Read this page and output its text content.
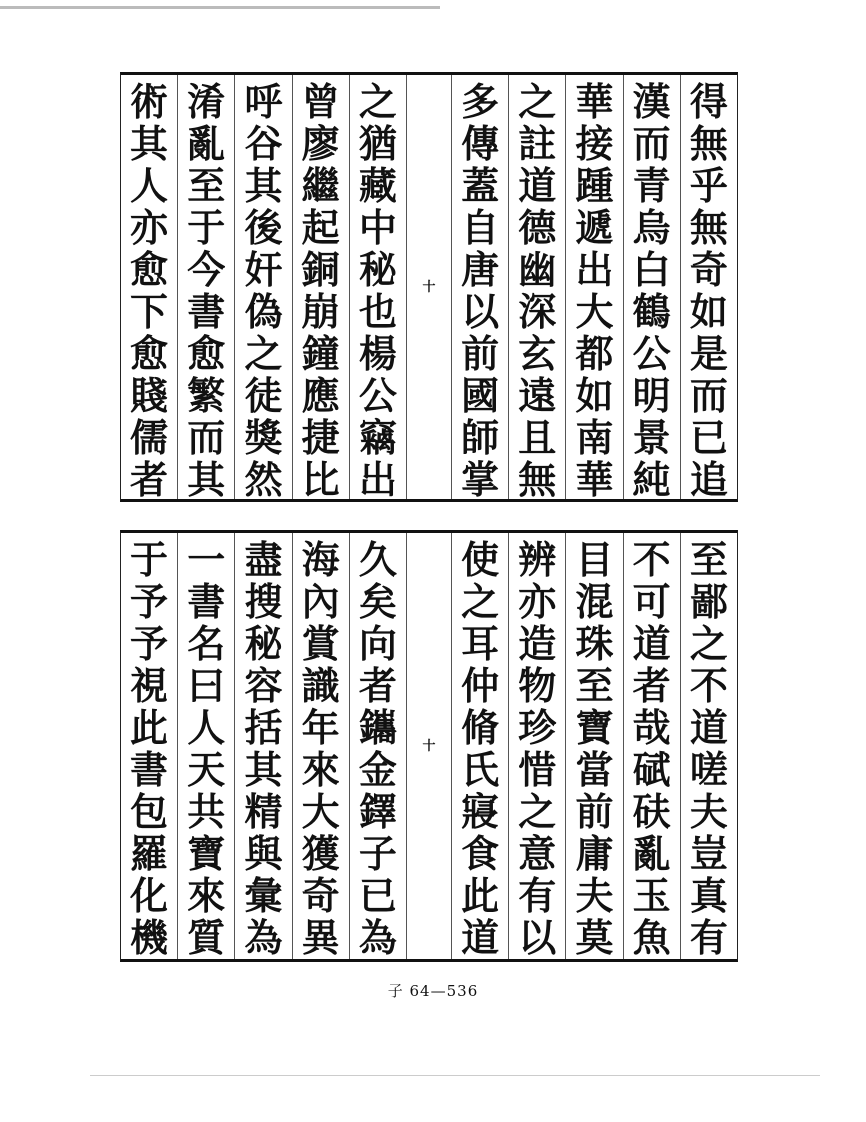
得
無
乎
無
奇
如
是
而
已
追
漢
而
青
烏
白
鶴
公
明
景
純
華
接
踵
遞
出
大
都
如
南
華
之
註
道
德
幽
深
玄
遠
且
無
多
傳
蓋
自
唐
以
前
國
師
掌
十
之
猶
藏
中
秘
也
楊
公
竊
出
曾
廖
繼
起
銅
崩
鐘
應
捷
比
呼
谷
其
後
奸
偽
之
徒
獎
然
淆
亂
至
于
今
書
愈
繁
而
其
術
其
人
亦
愈
下
愈
賤
儒
者
至
鄙
之
不
道
嗟
夫
豈
真
有
不
可
道
者
哉
碔
砆
亂
玉
魚
目
混
珠
至
寶
當
前
庸
夫
莫
辨
亦
造
物
珍
惜
之
意
有
以
使
之
耳
仲
脩
氏
寢
食
此
道
十
久
矣
向
者
鑴
金
鐸
子
已
為
海
內
賞
識
年
來
大
獲
奇
異
盡
搜
秘
容
括
其
精
與
彙
為
一
書
名
曰
人
天
共
寶
來
質
于
予
予
視
此
書
包
羅
化
機
子 64—536
